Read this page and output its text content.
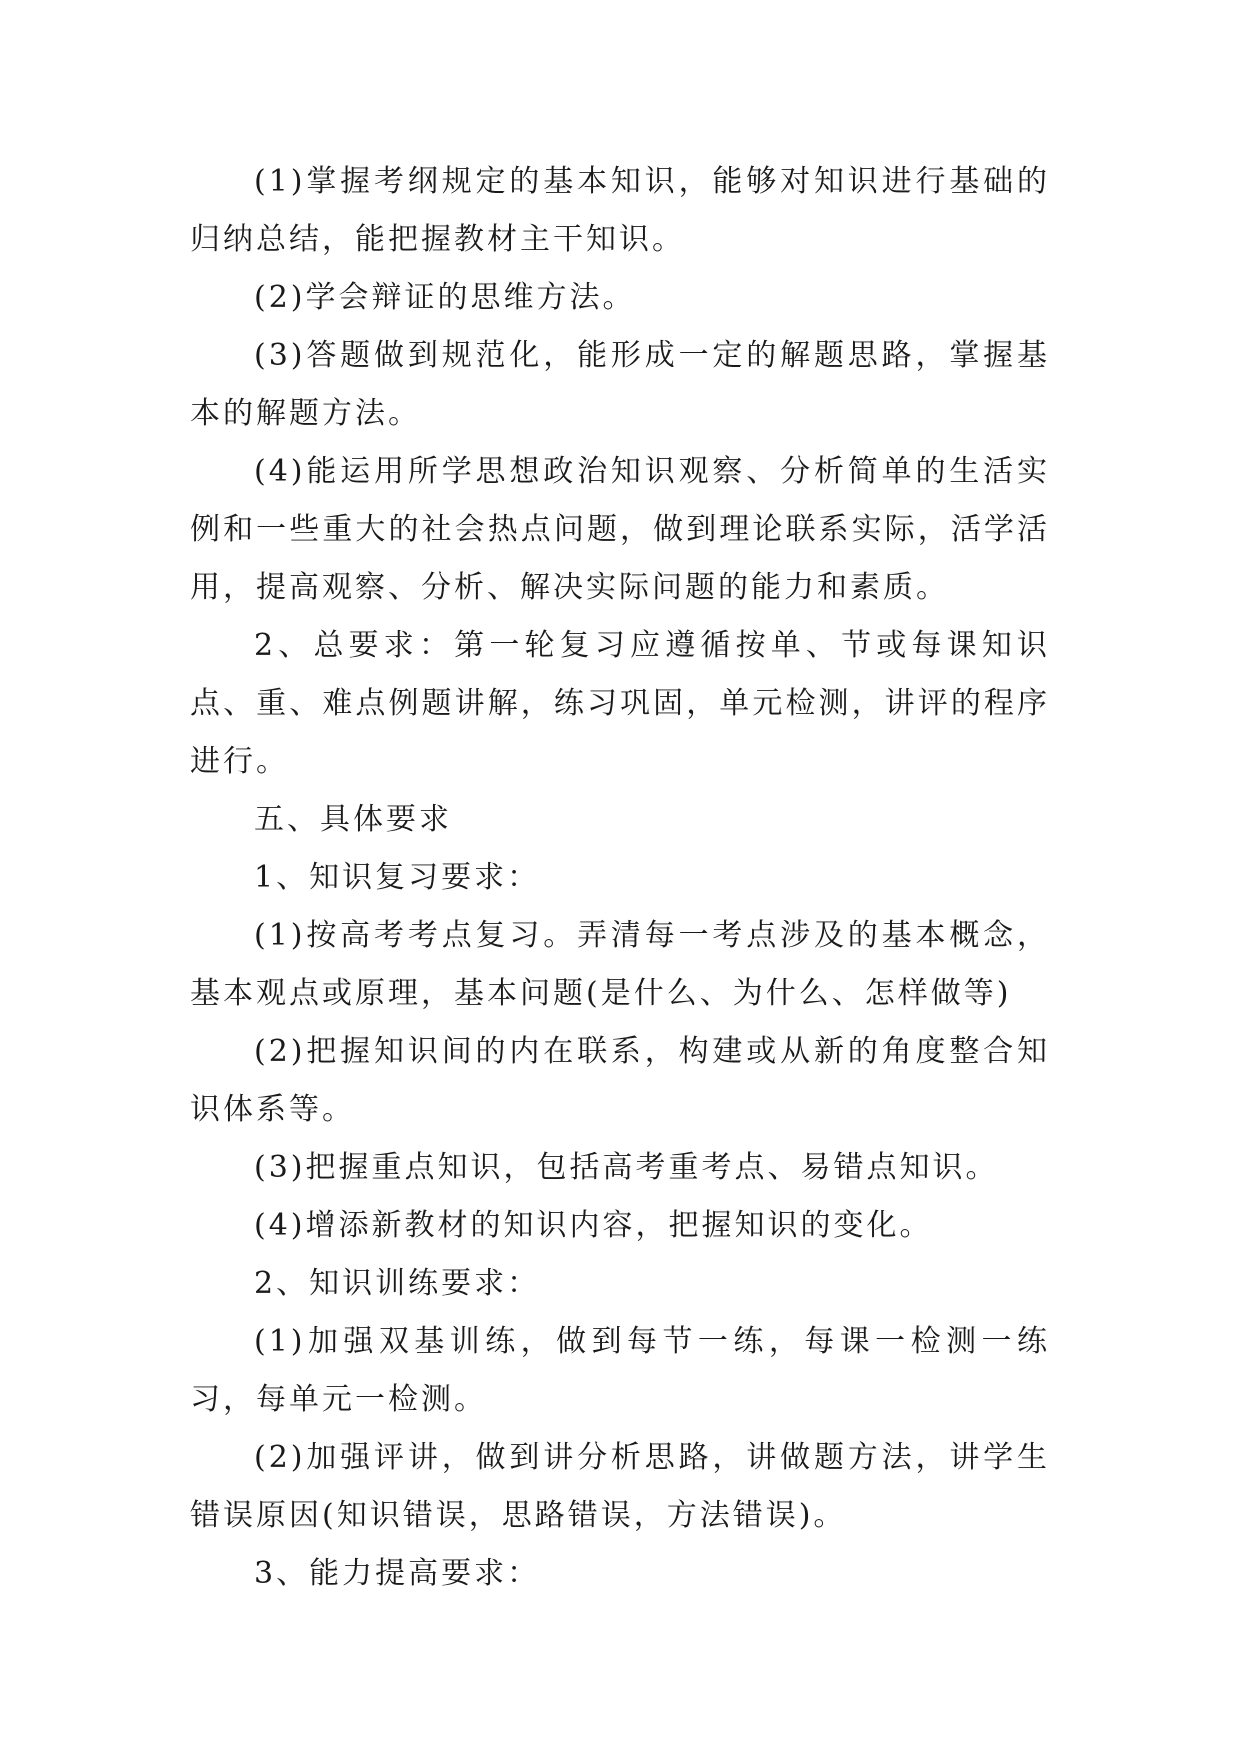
(1)掌握考纲规定的基本知识，能够对知识进行基础的归纳总结，能把握教材主干知识。

(2)学会辩证的思维方法。

(3)答题做到规范化，能形成一定的解题思路，掌握基本的解题方法。

(4)能运用所学思想政治知识观察、分析简单的生活实例和一些重大的社会热点问题，做到理论联系实际，活学活用，提高观察、分析、解决实际问题的能力和素质。

2、总要求：第一轮复习应遵循按单、节或每课知识点、重、难点例题讲解，练习巩固，单元检测，讲评的程序进行。

五、具体要求

1、知识复习要求：

(1)按高考考点复习。弄清每一考点涉及的基本概念，基本观点或原理，基本问题(是什么、为什么、怎样做等)

(2)把握知识间的内在联系，构建或从新的角度整合知识体系等。

(3)把握重点知识，包括高考重考点、易错点知识。

(4)增添新教材的知识内容，把握知识的变化。

2、知识训练要求：

(1)加强双基训练，做到每节一练，每课一检测一练习，每单元一检测。

(2)加强评讲，做到讲分析思路，讲做题方法，讲学生错误原因(知识错误，思路错误，方法错误)。

3、能力提高要求：
